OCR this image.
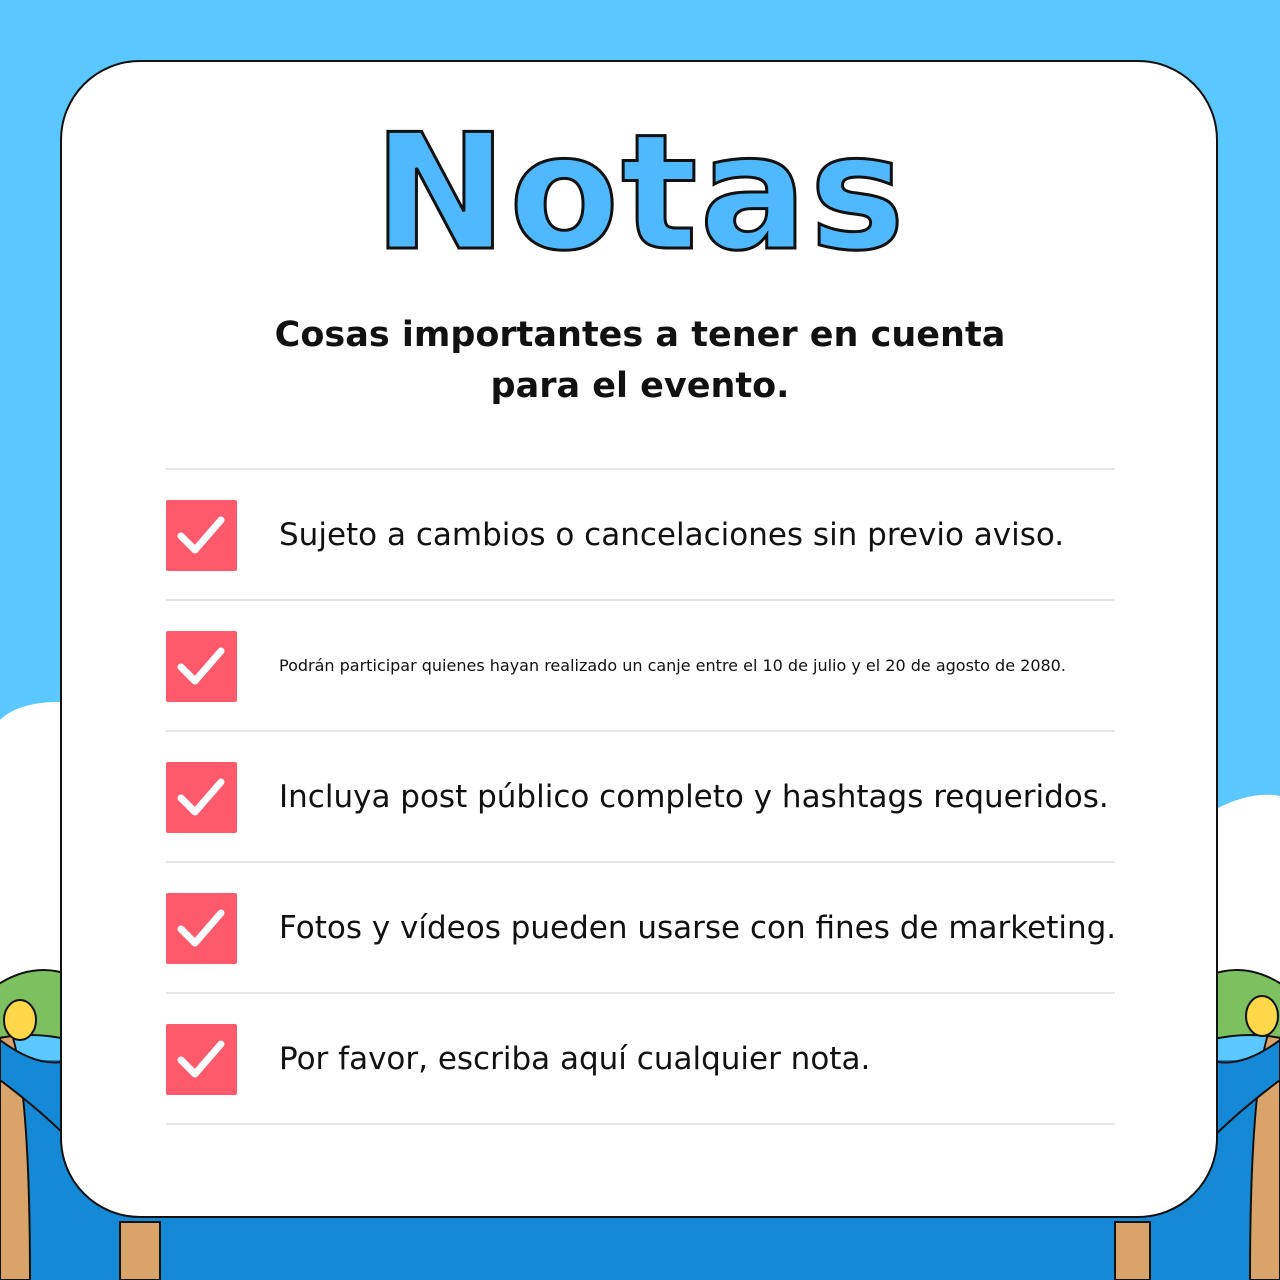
Notas

Cosas importantes a tener en cuenta para el evento.

Sujeto a cambios o cancelaciones sin previo aviso.
Podrán participar quienes hayan realizado un canje entre el 10 de julio y el 20 de agosto de 2080.
Incluya post público completo y hashtags requeridos.
Fotos y vídeos pueden usarse con fines de marketing.
Por favor, escriba aquí cualquier nota.
